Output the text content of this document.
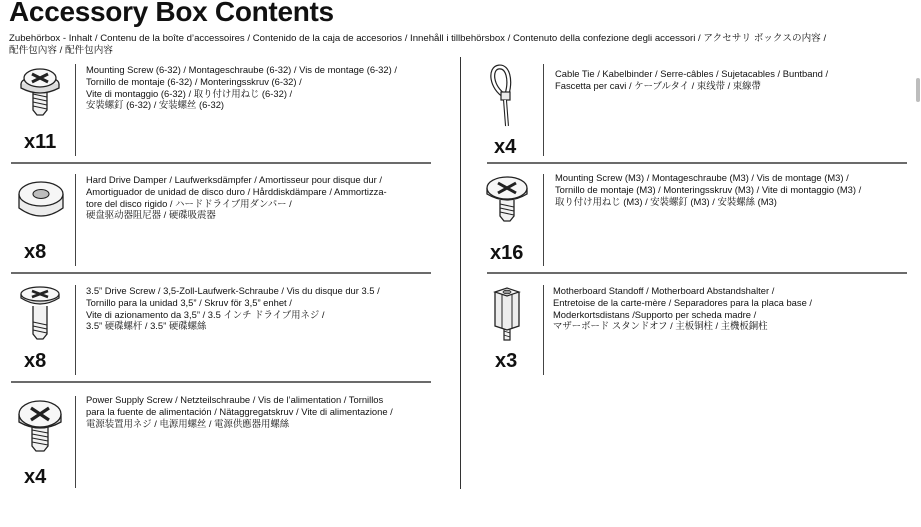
Accessory Box Contents
Zubehörbox - Inhalt / Contenu de la boîte d’accessoires / Contenido de la caja de accesorios / Innehåll i tillbehörsbox / Contenuto della confezione degli accessori / アクセサリ ボックスの内容 /
配件包內容 / 配件包内容
x11
Mounting Screw (6-32) / Montageschraube (6-32) / Vis de montage (6-32) /
Tornillo de montaje (6-32) / Monteringsskruv (6-32) /
Vite di montaggio (6-32) / 取り付け用ねじ (6-32) /
安裝螺釘 (6-32) / 安装螺丝 (6-32)
x8
Hard Drive Damper / Laufwerksdämpfer / Amortisseur pour disque dur /
Amortiguador de unidad de disco duro / Hårddiskdämpare / Ammortizza-
tore del disco rigido / ハードドライブ用ダンパー /
硬盘驱动器阻尼器 / 硬碟吸震器
x8
3.5” Drive Screw / 3,5-Zoll-Laufwerk-Schraube / Vis du disque dur 3.5 /
Tornillo para la unidad 3,5” / Skruv för 3,5” enhet /
Vite di azionamento da 3,5” / 3.5 インチ ドライブ用ネジ /
3.5” 硬碟螺杆 / 3.5” 硬碟螺絲
x4
Power Supply Screw / Netzteilschraube / Vis de l’alimentation / Tornillos
para la fuente de alimentación / Nätaggregatskruv / Vite di alimentazione /
電源装置用ネジ / 电源用螺丝 / 電源供應器用螺絲
x4
Cable Tie / Kabelbinder / Serre-câbles / Sujetacables / Buntband /
Fascetta per cavi / ケーブルタイ / 束线带 / 束線帶
x16
Mounting Screw (M3) / Montageschraube (M3) / Vis de montage (M3) /
Tornillo de montaje (M3) / Monteringsskruv (M3) / Vite di montaggio (M3) /
取り付け用ねじ (M3) / 安裝螺釘 (M3) / 安裝螺絲 (M3)
x3
Motherboard Standoff / Motherboard Abstandshalter /
Entretoise de la carte-mère / Separadores para la placa base /
Moderkortsdistans /Supporto per scheda madre /
マザーボード スタンドオフ / 主板铜柱 / 主機板銅柱
